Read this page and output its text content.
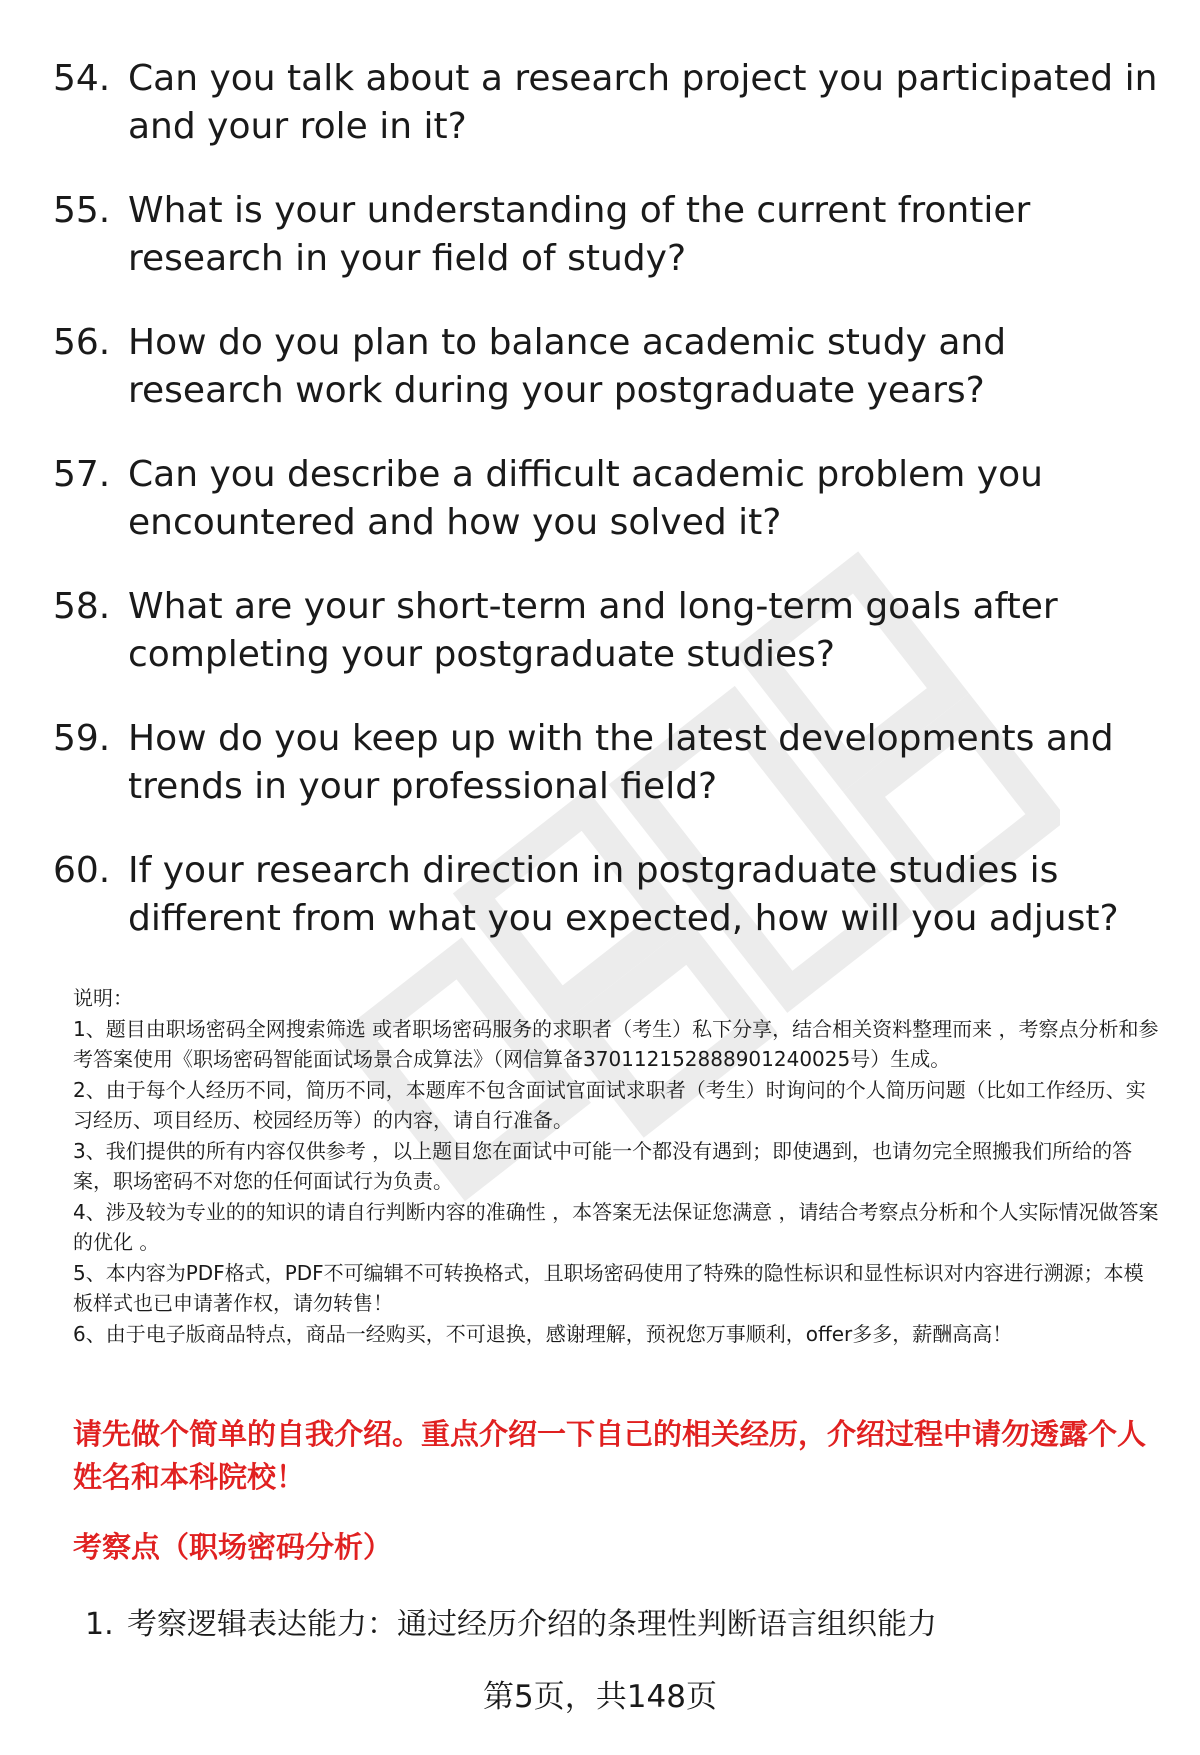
54. Can you talk about a research project you participated in and your role in it?
55. What is your understanding of the current frontier research in your field of study?
56. How do you plan to balance academic study and research work during your postgraduate years?
57. Can you describe a difficult academic problem you encountered and how you solved it?
58. What are your short-term and long-term goals after completing your postgraduate studies?
59. How do you keep up with the latest developments and trends in your professional field?
60. If your research direction in postgraduate studies is different from what you expected, how will you adjust?

说明：

1、题目由职场密码全网搜索筛选 或者职场密码服务的求职者（考生）私下分享，结合相关资料整理而来 ，考察点分析和参考答案使用《职场密码智能面试场景合成算法》（网信算备370112152888901240025号）生成。

2、由于每个人经历不同，简历不同，本题库不包含面试官面试求职者（考生）时询问的个人简历问题（比如工作经历、实习经历、项目经历、校园经历等）的内容，请自行准备。

3、我们提供的所有内容仅供参考 ，以上题目您在面试中可能一个都没有遇到；即使遇到，也请勿完全照搬我们所给的答案，职场密码不对您的任何面试行为负责。

4、涉及较为专业的的知识的请自行判断内容的准确性 ，本答案无法保证您满意 ，请结合考察点分析和个人实际情况做答案的优化 。

5、本内容为PDF格式，PDF不可编辑不可转换格式，且职场密码使用了特殊的隐性标识和显性标识对内容进行溯源；本模板样式也已申请著作权，请勿转售！

6、由于电子版商品特点，商品一经购买，不可退换，感谢理解，预祝您万事顺利，offer多多，薪酬高高！

请先做个简单的自我介绍。重点介绍一下自己的相关经历，介绍过程中请勿透露个人姓名和本科院校！
考察点（职场密码分析）
1. 考察逻辑表达能力：通过经历介绍的条理性判断语言组织能力
第5页，共148页
